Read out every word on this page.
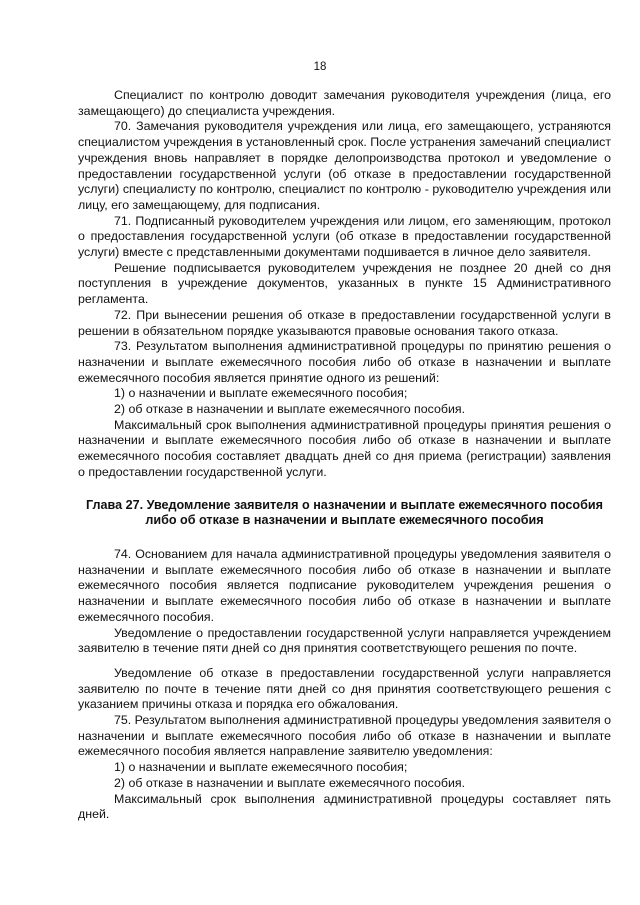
18

Специалист по контролю доводит замечания руководителя учреждения (лица, его замещающего) до специалиста учреждения.

70. Замечания руководителя учреждения или лица, его замещающего, устраняются специалистом учреждения в установленный срок. После устранения замечаний специалист учреждения вновь направляет в порядке делопроизводства протокол и уведомление о предоставлении государственной услуги (об отказе в предоставлении государственной услуги) специалисту по контролю, специалист по контролю - руководителю учреждения или лицу, его замещающему, для подписания.

71. Подписанный руководителем учреждения или лицом, его заменяющим, протокол о предоставления государственной услуги (об отказе в предоставлении государственной услуги) вместе с представленными документами подшивается в личное дело заявителя.

Решение подписывается руководителем учреждения не позднее 20 дней со дня поступления в учреждение документов, указанных в пункте 15 Административного регламента.

72. При вынесении решения об отказе в предоставлении государственной услуги в решении в обязательном порядке указываются правовые основания такого отказа.

73. Результатом выполнения административной процедуры по принятию решения о назначении и выплате ежемесячного пособия либо об отказе в назначении и выплате ежемесячного пособия является принятие одного из решений:

1) о назначении и выплате ежемесячного пособия;

2) об отказе в назначении и выплате ежемесячного пособия.

Максимальный срок выполнения административной процедуры принятия решения о назначении и выплате ежемесячного пособия либо об отказе в назначении и выплате ежемесячного пособия составляет двадцать дней со дня приема (регистрации) заявления о предоставлении государственной услуги.

Глава 27. Уведомление заявителя о назначении и выплате ежемесячного пособия либо об отказе в назначении и выплате ежемесячного пособия

74. Основанием для начала административной процедуры уведомления заявителя о назначении и выплате ежемесячного пособия либо об отказе в назначении и выплате ежемесячного пособия является подписание руководителем учреждения решения о назначении и выплате ежемесячного пособия либо об отказе в назначении и выплате ежемесячного пособия.

Уведомление о предоставлении государственной услуги направляется учреждением заявителю в течение пяти дней со дня принятия соответствующего решения по почте.

Уведомление об отказе в предоставлении государственной услуги направляется заявителю по почте в течение пяти дней со дня принятия соответствующего решения с указанием причины отказа и порядка его обжалования.

75. Результатом выполнения административной процедуры уведомления заявителя о назначении и выплате ежемесячного пособия либо об отказе в назначении и выплате ежемесячного пособия является направление заявителю уведомления:

1) о назначении и выплате ежемесячного пособия;

2) об отказе в назначении и выплате ежемесячного пособия.

Максимальный срок выполнения административной процедуры составляет пять дней.
